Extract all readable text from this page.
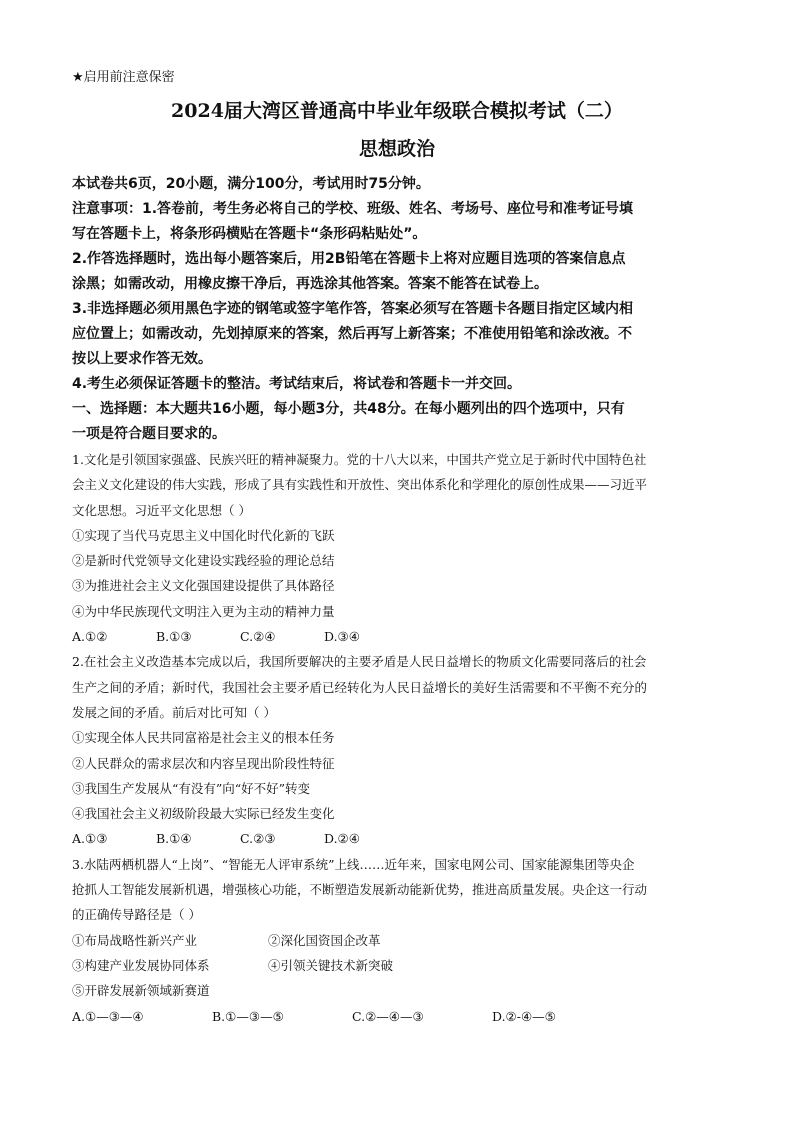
★启用前注意保密
2024届大湾区普通高中毕业年级联合模拟考试（二）
思想政治

本试卷共6页，20小题，满分100分，考试用时75分钟。

注意事项：1.答卷前，考生务必将自己的学校、班级、姓名、考场号、座位号和准考证号填

写在答题卡上，将条形码横贴在答题卡“条形码粘贴处”。

2.作答选择题时，选出每小题答案后，用2B铅笔在答题卡上将对应题目选项的答案信息点

涂黑；如需改动，用橡皮擦干净后，再选涂其他答案。答案不能答在试卷上。

3.非选择题必须用黑色字迹的钢笔或签字笔作答，答案必须写在答题卡各题目指定区域内相

应位置上；如需改动，先划掉原来的答案，然后再写上新答案；不准使用铅笔和涂改液。不

按以上要求作答无效。

4.考生必须保证答题卡的整洁。考试结束后，将试卷和答题卡一并交回。

一、选择题：本大题共16小题，每小题3分，共48分。在每小题列出的四个选项中，只有

一项是符合题目要求的。

1.文化是引领国家强盛、民族兴旺的精神凝聚力。党的十八大以来，中国共产党立足于新时代中国特色社

会主义文化建设的伟大实践，形成了具有实践性和开放性、突出体系化和学理化的原创性成果——习近平

文化思想。习近平文化思想（ ）

①实现了当代马克思主义中国化时代化新的飞跃

②是新时代党领导文化建设实践经验的理论总结

③为推进社会主义文化强国建设提供了具体路径

④为中华民族现代文明注入更为主动的精神力量

A.①②	B.①③	C.②④	D.③④

2.在社会主义改造基本完成以后，我国所要解决的主要矛盾是人民日益增长的物质文化需要同落后的社会

生产之间的矛盾；新时代，我国社会主要矛盾已经转化为人民日益增长的美好生活需要和不平衡不充分的

发展之间的矛盾。前后对比可知（ ）

①实现全体人民共同富裕是社会主义的根本任务

②人民群众的需求层次和内容呈现出阶段性特征

③我国生产发展从“有没有”向“好不好”转变

④我国社会主义初级阶段最大实际已经发生变化

A.①③	B.①④	C.②③	D.②④

3.水陆两栖机器人“上岗”、“智能无人评审系统”上线……近年来，国家电网公司、国家能源集团等央企

抢抓人工智能发展新机遇，增强核心功能，不断塑造发展新动能新优势，推进高质量发展。央企这一行动

的正确传导路径是（ ）

①布局战略性新兴产业	②深化国资国企改革
③构建产业发展协同体系	④引领关键技术新突破

⑤开辟发展新领域新赛道

A.①—③—④	B.①—③—⑤	C.②—④—③	D.②-④—⑤
